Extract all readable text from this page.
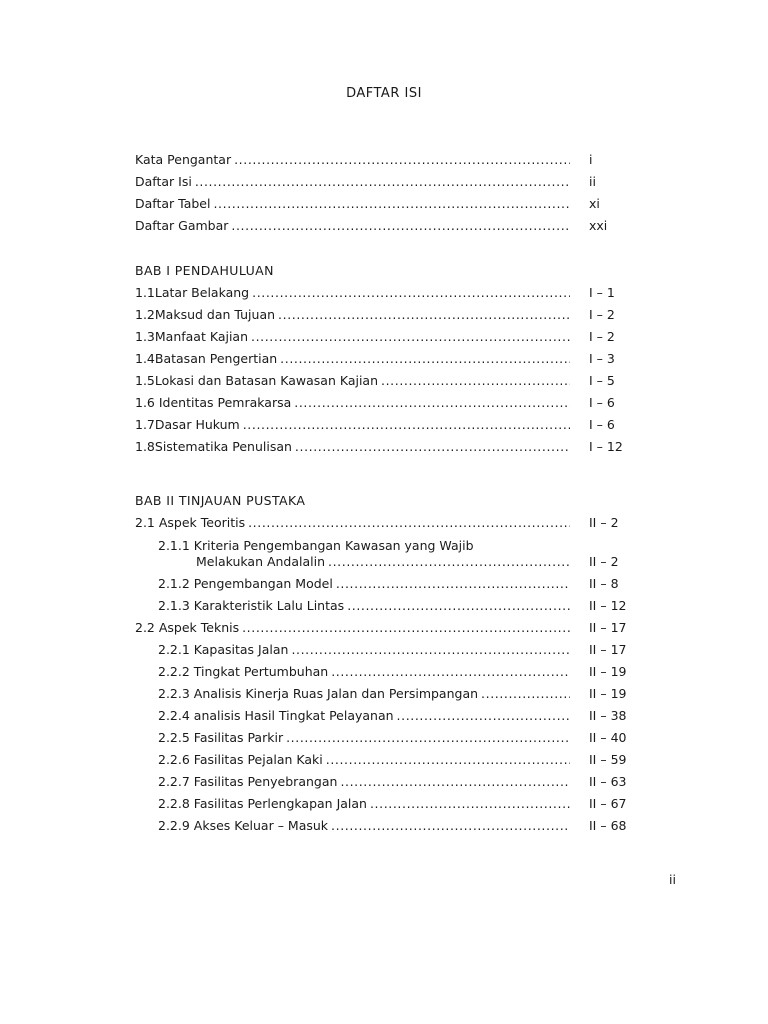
DAFTAR ISI
Kata Pengantar .....	i
Daftar Isi .....	ii
Daftar Tabel .....	xi
Daftar Gambar .....	xxi
BAB I PENDAHULUAN
1.1Latar Belakang .....	I – 1
1.2Maksud dan Tujuan .....	I – 2
1.3Manfaat Kajian .....	I – 2
1.4Batasan Pengertian .....	I – 3
1.5Lokasi dan Batasan Kawasan Kajian .....	I – 5
1.6 Identitas Pemrakarsa .....	I – 6
1.7Dasar Hukum .....	I – 6
1.8Sistematika Penulisan .....	I – 12
BAB II TINJAUAN PUSTAKA
2.1 Aspek Teoritis .....	II – 2
2.1.1 Kriteria Pengembangan Kawasan yang Wajib
Melakukan Andalalin .....	II – 2
2.1.2 Pengembangan Model .....	II – 8
2.1.3 Karakteristik Lalu Lintas .....	II – 12
2.2 Aspek Teknis .....	II – 17
2.2.1 Kapasitas Jalan .....	II – 17
2.2.2 Tingkat Pertumbuhan .....	II – 19
2.2.3 Analisis Kinerja Ruas Jalan dan Persimpangan .....	II – 19
2.2.4 analisis Hasil Tingkat Pelayanan .....	II – 38
2.2.5 Fasilitas Parkir .....	II – 40
2.2.6 Fasilitas Pejalan Kaki .....	II – 59
2.2.7 Fasilitas Penyebrangan .....	II – 63
2.2.8 Fasilitas Perlengkapan Jalan .....	II – 67
2.2.9 Akses Keluar – Masuk .....	II – 68
ii
